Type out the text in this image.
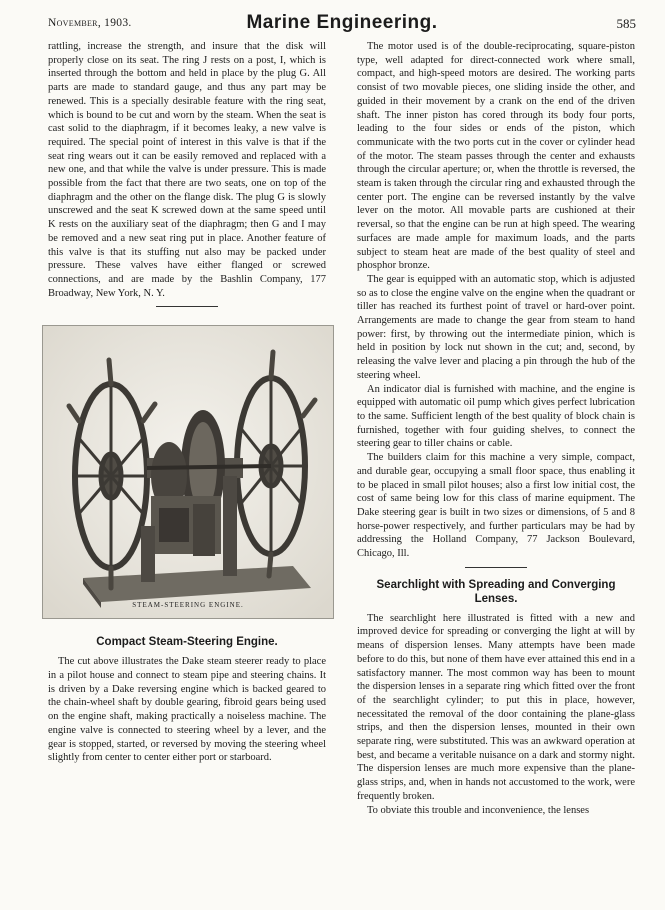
November, 1903.	Marine Engineering.	585

rattling, increase the strength, and insure that the disk will properly close on its seat. The ring J rests on a post, I, which is inserted through the bottom and held in place by the plug G. All parts are made to standard gauge, and thus any part may be renewed. This is a specially desirable feature with the ring seat, which is bound to be cut and worn by the steam. When the seat is cast solid to the diaphragm, if it becomes leaky, a new valve is required. The special point of interest in this valve is that if the seat ring wears out it can be easily removed and replaced with a new one, and that while the valve is under pressure. This is made possible from the fact that there are two seats, one on top of the diaphragm and the other on the flange disk. The plug G is slowly unscrewed and the seat K screwed down at the same speed until K rests on the auxiliary seat of the diaphragm; then G and I may be removed and a new seat ring put in place. Another feature of this valve is that its stuffing nut also may be packed under pressure. These valves have either flanged or screwed connections, and are made by the Bashlin Company, 177 Broadway, New York, N. Y.

STEAM-STEERING ENGINE.
Compact Steam-Steering Engine.

The cut above illustrates the Dake steam steerer ready to place in a pilot house and connect to steam pipe and steering chains. It is driven by a Dake reversing engine which is backed geared to the chain-wheel shaft by double gearing, fibroid gears being used on the engine shaft, making practically a noiseless machine. The engine valve is connected to steering wheel by a lever, and the gear is stopped, started, or reversed by moving the steering wheel slightly from center to center either port or starboard.

The motor used is of the double-reciprocating, square-piston type, well adapted for direct-connected work where small, compact, and high-speed motors are desired. The working parts consist of two movable pieces, one sliding inside the other, and guided in their movement by a crank on the end of the driven shaft. The inner piston has cored through its body four ports, leading to the four sides or ends of the piston, which communicate with the two ports cut in the cover or cylinder head of the motor. The steam passes through the center and exhausts through the circular aperture; or, when the throttle is reversed, the steam is taken through the circular ring and exhausted through the center port. The engine can be reversed instantly by the valve lever on the motor. All movable parts are cushioned at their reversal, so that the engine can be run at high speed. The wearing surfaces are made ample for maximum loads, and the parts subject to steam heat are made of the best quality of steel and phosphor bronze.

The gear is equipped with an automatic stop, which is adjusted so as to close the engine valve on the engine when the quadrant or tiller has reached its furthest point of travel or hard-over point. Arrangements are made to change the gear from steam to hand power: first, by throwing out the intermediate pinion, which is held in position by lock nut shown in the cut; and, second, by releasing the valve lever and placing a pin through the hub of the steering wheel.

An indicator dial is furnished with machine, and the engine is equipped with automatic oil pump which gives perfect lubrication to the same. Sufficient length of the best quality of block chain is furnished, together with four guiding shelves, to connect the steering gear to tiller chains or cable.

The builders claim for this machine a very simple, compact, and durable gear, occupying a small floor space, thus enabling it to be placed in small pilot houses; also a first low initial cost, the cost of same being low for this class of marine equipment. The Dake steering gear is built in two sizes or dimensions, of 5 and 8 horse-power respectively, and further particulars may be had by addressing the Holland Company, 77 Jackson Boulevard, Chicago, Ill.

Searchlight with Spreading and Converging Lenses.

The searchlight here illustrated is fitted with a new and improved device for spreading or converging the light at will by means of dispersion lenses. Many attempts have been made before to do this, but none of them have ever attained this end in a satisfactory manner. The most common way has been to mount the dispersion lenses in a separate ring which fitted over the front of the searchlight cylinder; to put this in place, however, necessitated the removal of the door containing the plane-glass strips, and then the dispersion lenses, mounted in their own separate ring, were substituted. This was an awkward operation at best, and became a veritable nuisance on a dark and stormy night. The dispersion lenses are much more expensive than the plane-glass strips, and, when in hands not accustomed to the work, were frequently broken.

To obviate this trouble and inconvenience, the lenses
